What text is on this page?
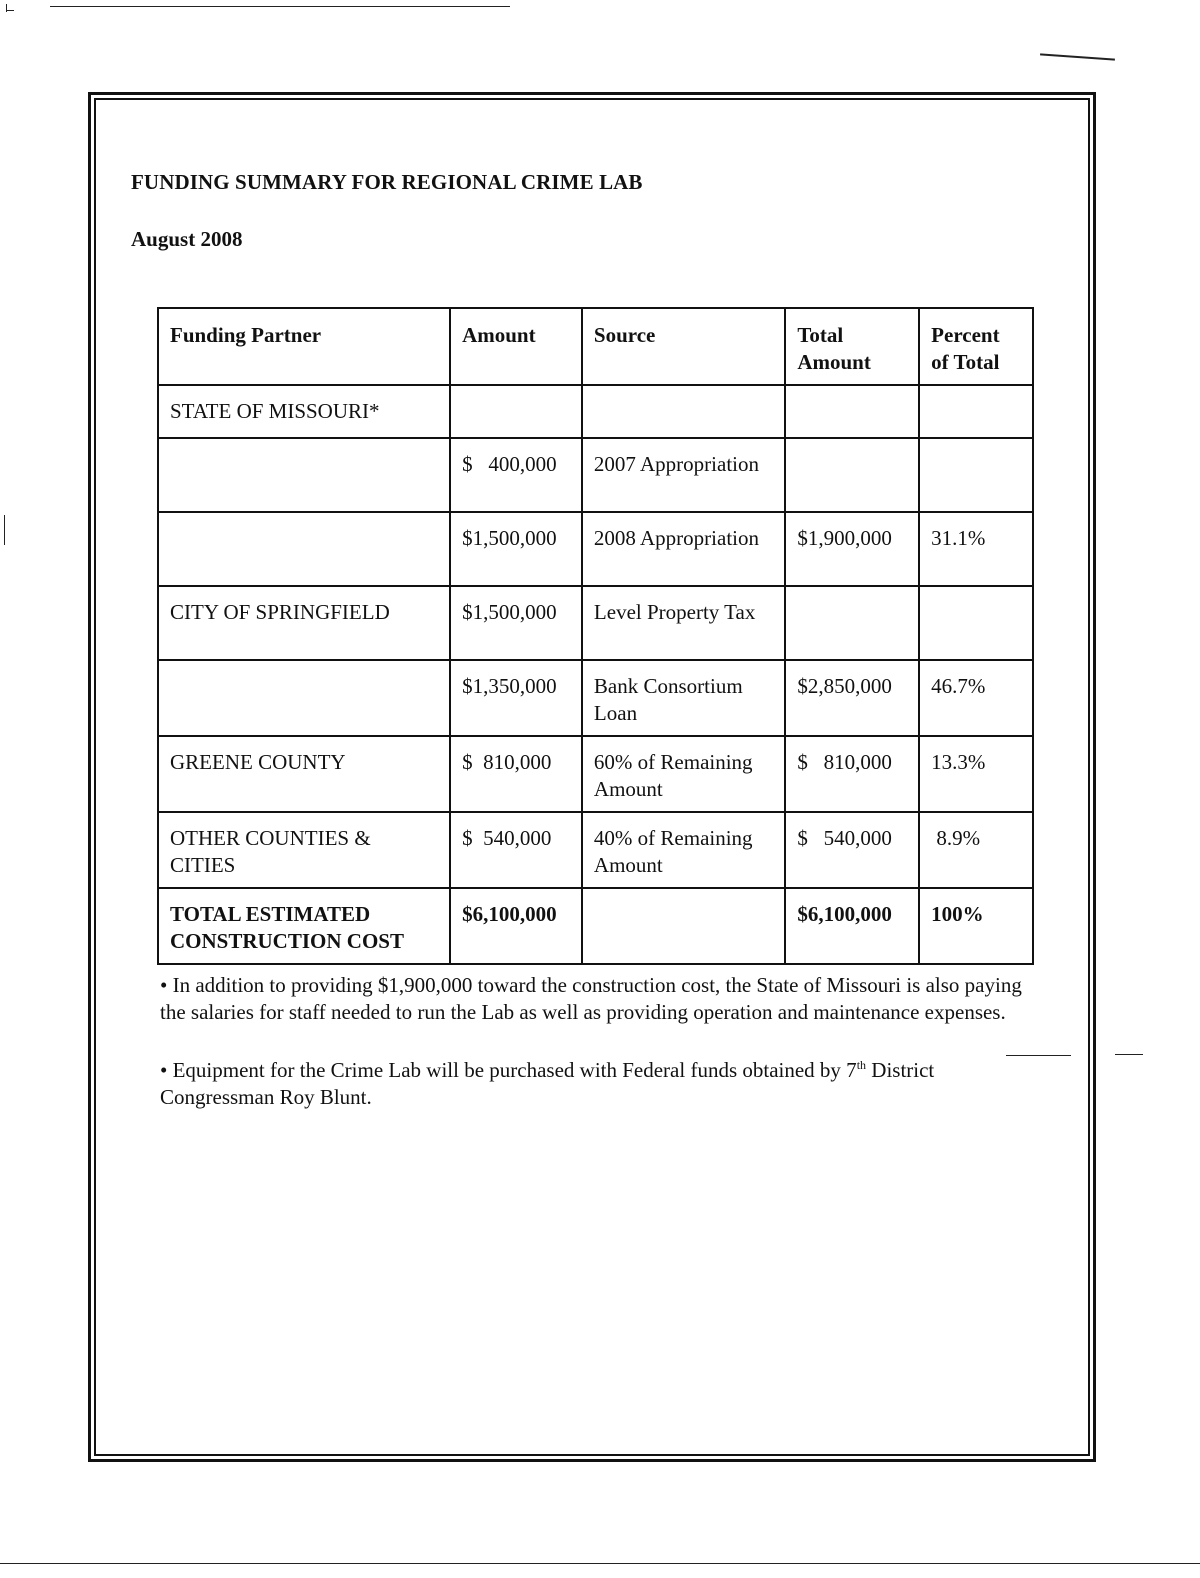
FUNDING SUMMARY FOR REGIONAL CRIME LAB
August 2008
Funding Partner	Amount	Source	Total Amount	Percent of Total
STATE OF MISSOURI*				
	$   400,000	2007 Appropriation		
	$1,500,000	2008 Appropriation	$1,900,000	31.1%
CITY OF SPRINGFIELD	$1,500,000	Level Property Tax		
	$1,350,000	Bank Consortium Loan	$2,850,000	46.7%
GREENE COUNTY	$  810,000	60% of Remaining Amount	$   810,000	13.3%
OTHER COUNTIES & CITIES	$  540,000	40% of Remaining Amount	$   540,000	8.9%
TOTAL ESTIMATED CONSTRUCTION COST	$6,100,000		$6,100,000	100%

• In addition to providing $1,900,000 toward the construction cost, the State of Missouri is also paying the salaries for staff needed to run the Lab as well as providing operation and maintenance expenses.

• Equipment for the Crime Lab will be purchased with Federal funds obtained by 7th District Congressman Roy Blunt.
